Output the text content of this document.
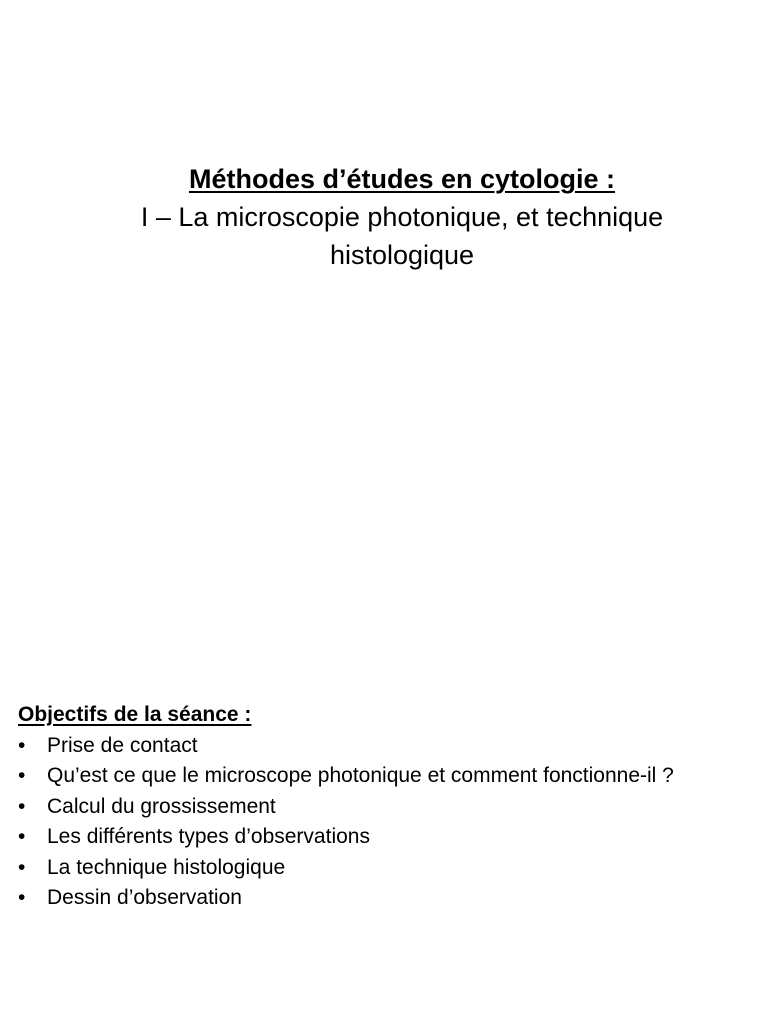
Méthodes d’études en cytologie :
I – La microscopie photonique, et technique histologique
Objectifs de la séance :
• Prise de contact
• Qu’est ce que le microscope photonique et comment fonctionne-il ?
• Calcul du grossissement
• Les différents types d’observations
• La technique histologique
• Dessin d’observation
